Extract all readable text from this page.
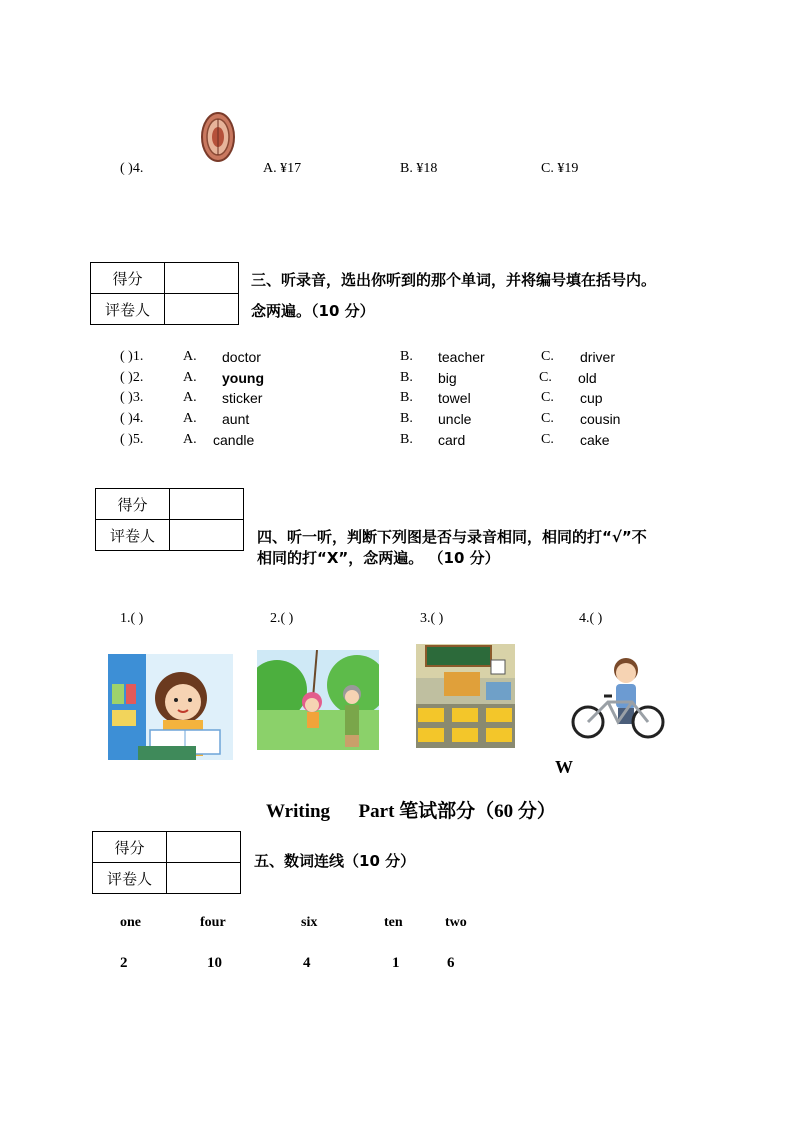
( )4.	A. ¥17	B. ¥18	C. ¥19
得分	
评卷人	
三、听录音，选出你听到的那个单词，并将编号填在括号内。
念两遍。（10 分）
( )1.	A. doctor	B. teacher	C. driver
( )2.	A. young	B. big	C. old
( )3.	A. sticker	B. towel	C. cup
( )4.	A. aunt	B. uncle	C. cousin
( )5.	A. candle	B. card	C. cake
得分	
评卷人		四、听一听，判断下列图是否与录音相同，相同的打“√”不
相同的打“X”，念两遍。 （10 分）
1.( )	2.( )	3.( )	4.( )
W
Writing      Part 笔试部分（60 分）
得分	
评卷人	
五、数词连线（10 分）
one	four	six	ten	two
2	10	4	1	6
